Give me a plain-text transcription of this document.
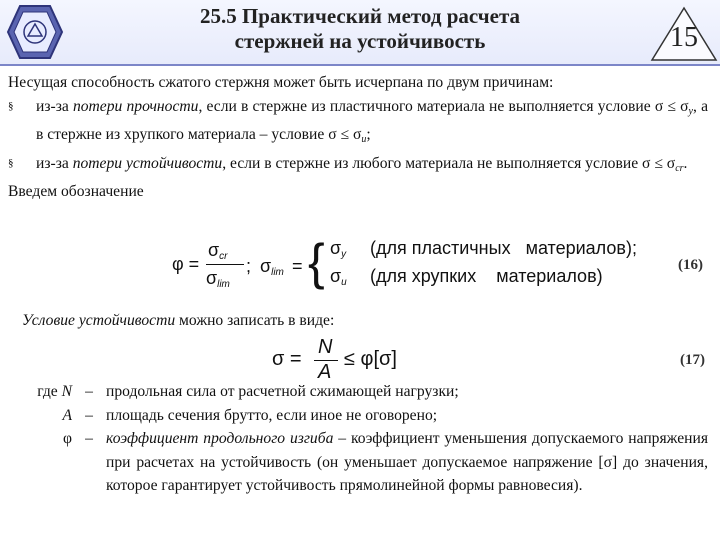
25.5 Практический метод расчета
стержней на устойчивость	15
Несущая способность сжатого стержня может быть исчерпана по двум причинам:
§ из-за потери прочности, если в стержне из пластичного материала не выполняется условие $\sigma \le \sigma_y$, а в стержне из хрупкого материала – условие $\sigma \le \sigma_u$;
§ из-за потери устойчивости, если в стержне из любого материала не выполняется условие $\sigma \le \sigma_{cr}$.
Введем обозначение
φ =
$\sigma_{cr}$
$\sigma_{lim}$
; $\sigma_{lim}$ = { $\sigma_y$ (для пластичных   материалов);
$\sigma_u$ (для хрупких    материалов)
(16)
Условие устойчивости можно записать в виде:
σ =
N
A
≤ φ[σ]	(17)
где N – продольная сила от расчетной сжимающей нагрузки;
A – площадь сечения брутто, если иное не оговорено;
φ – коэффициент продольного изгиба – коэффициент уменьшения допускаемого напряжения при расчетах на устойчивость (он уменьшает допускаемое напряжение [σ] до значения, которое гарантирует устойчивость прямолинейной формы равновесия).
